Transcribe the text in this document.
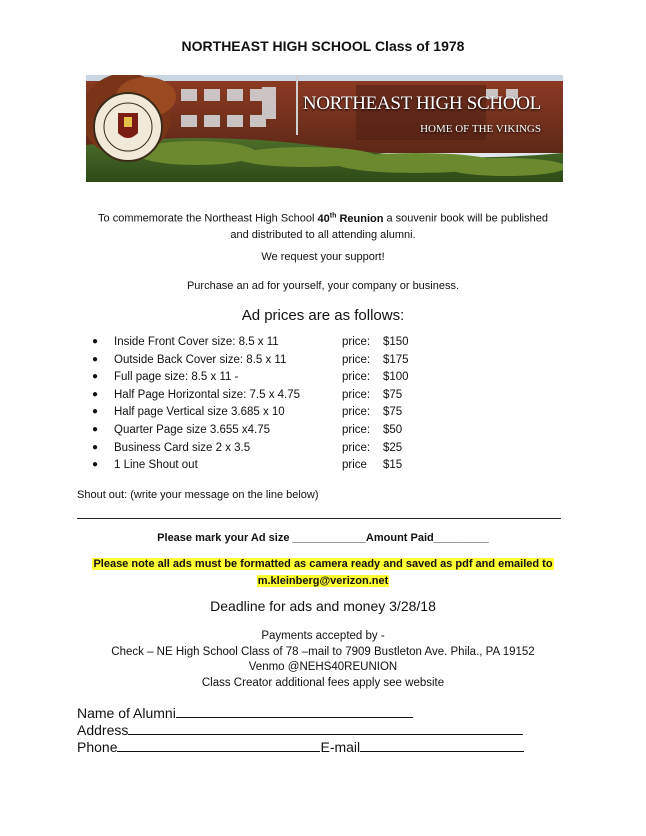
NORTHEAST HIGH SCHOOL Class of 1978
NORTHEAST HIGH SCHOOL
HOME OF THE VIKINGS
To commemorate the Northeast High School 40th Reunion a souvenir book will be published
and distributed to all attending alumni.
We request your support!
Purchase an ad for yourself, your company or business.
Ad prices are as follows:
● Inside Front Cover size: 8.5 x 11	price: $150
● Outside Back Cover size: 8.5 x 11	price: $175
● Full page size: 8.5 x 11 -	price: $100
● Half Page Horizontal size: 7.5 x 4.75	price: $75
● Half page Vertical size 3.685 x 10	price: $75
● Quarter Page size 3.655 x4.75	price: $50
● Business Card size 2 x 3.5	price: $25
● 1 Line Shout out	price $15
Shout out: (write your message on the line below)
Please mark your Ad size ____________Amount Paid_________
Please note all ads must be formatted as camera ready and saved as pdf and emailed to
m.kleinberg@verizon.net
Deadline for ads and money 3/28/18
Payments accepted by -
Check – NE High School Class of 78 –mail to 7909 Bustleton Ave. Phila., PA 19152
Venmo @NEHS40REUNION
Class Creator additional fees apply see website
Name of Alumni
Address
Phone	E-mail
